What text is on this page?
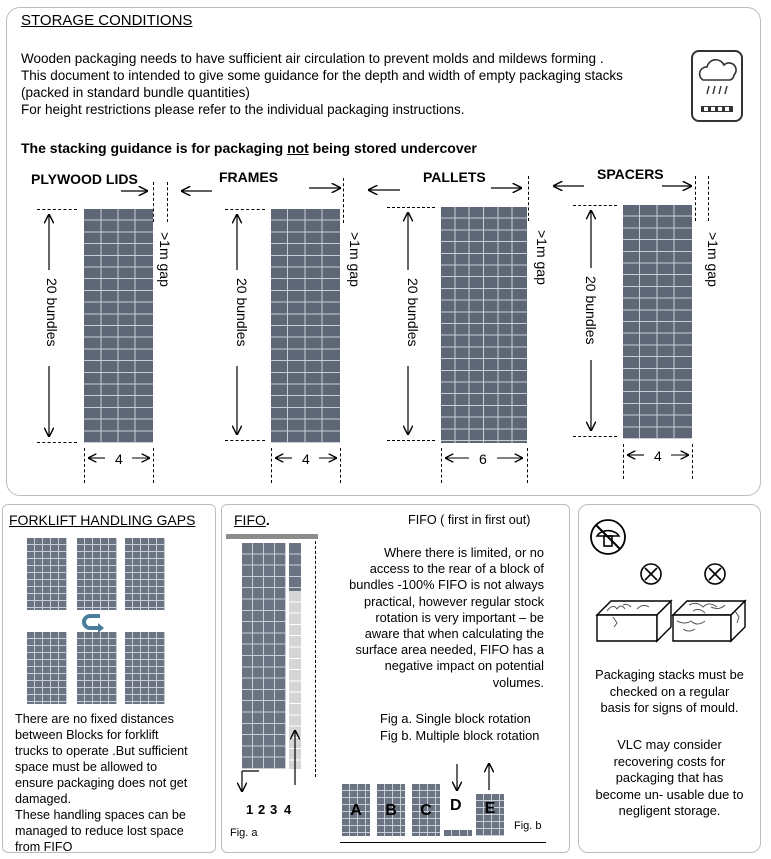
STORAGE CONDITIONS
Wooden packaging needs to have sufficient air circulation to prevent molds and mildews forming .
This document to intended to give some guidance for the depth and width of empty packaging stacks
(packed in standard bundle quantities)
For height restrictions please refer to the individual packaging instructions.
The stacking guidance is for packaging not being stored undercover
PLYWOOD LIDS	FRAMES	PALLETS	SPACERS
20 bundles
>1m gap
4
20 bundles
>1m gap
4
20 bundles
>1m gap
6
20 bundles
>1m gap
4
FORKLIFT HANDLING GAPS
There are no fixed distances
between Blocks for forklift
trucks to operate .But sufficient
space must be allowed to
ensure packaging does not get
damaged.
These handling spaces can be
managed to reduce lost space
from FIFO
FIFO.	FIFO ( first in first out)
1 2 3 4
Fig. a
Where there is limited, or no
access to the rear of a block of
bundles -100% FIFO is not always
practical, however regular stock
rotation is very important – be
aware that when calculating the
surface area needed, FIFO has a
negative impact on potential
volumes.
Fig a. Single block rotation
Fig b. Multiple block rotation
A	B	C	D	E
Fig. b
Packaging stacks must be
checked on a regular
basis for signs of mould.
VLC may consider
recovering costs for
packaging that has
become un- usable due to
negligent storage.
